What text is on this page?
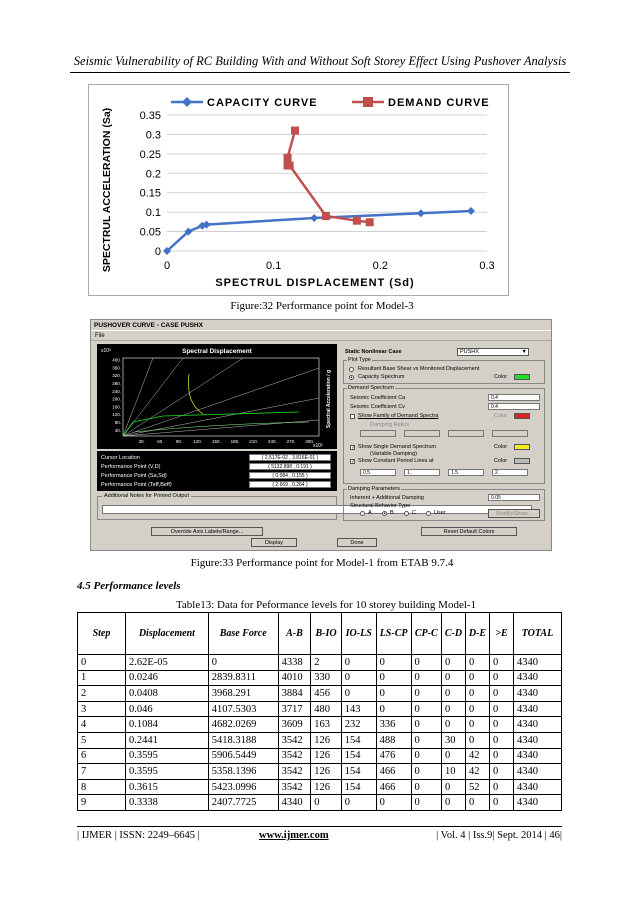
Seismic Vulnerability of RC Building With and Without Soft Storey Effect Using Pushover Analysis
0
0.05
0.1
0.15
0.2
0.25
0.3
0.35
0	0.1	0.2	0.3
CAPACITY CURVE	DEMAND CURVE
SPECTRUL ACCELERATION (Sa)
SPECTRUL DISPLACEMENT (Sd)
Figure:32 Performance point for Model-3
PUSHOVER CURVE - CASE PUSHX
File
Spectral Displacement
x10³
x10³
Spectral Acceleration / g
400.
360.
320.
280.
240.
200.
160.
120.
80.
40.
30.	60.	90. 120. 150. 180. 210. 240. 270. 300.
Cursor Location	( 2.517E-02 , 3.816E-01 )
Performance Point (V,D)	( 5132.898 , 0.191 )
Performance Point (Sa,Sd)	( 0.084 , 0.155 )
Performance Point (Teff,Beff)	( 2.669 , 0.264 )
Additional Notes for Printed Output
Override Axis Labels/Range...
Display	Done
Reset Default Colors
Static Nonlinear Case	PUSHX	▼
Plot Type
Resultant Base Shear vs Monitored Displacement
• Capacity Spectrum	Color
Demand Spectrum
Seismic Coefficient Ca	0.4
Seismic Coefficient Cv	0.4
Show Family of Demand Spectra	Color
Damping Ratios
✓ Show Single Demand Spectrum
(Variable Damping)
Color
✓ Show Constant Period Lines at	Color
0.5	1.	1.5	2.
Damping Parameters
Inherent + Additional Damping	0.05
Structural Behavior Type
A	• B	C	User	Modify/Show...
Figure:33 Performance point for Model-1 from ETAB 9.7.4
4.5 Performance levels
Table13: Data for Peformance levels for 10 storey building Model-1
Step	Displacement	Base Force	A-B	B-IO	IO-LS	LS-CP	CP-C	C-D	D-E	>E	TOTAL
0	2.62E-05	0	4338	2	0	0	0	0	0	0	4340
1	0.0246	2839.8311	4010	330	0	0	0	0	0	0	4340
2	0.0408	3968.291	3884	456	0	0	0	0	0	0	4340
3	0.046	4107.5303	3717	480	143	0	0	0	0	0	4340
4	0.1084	4682.0269	3609	163	232	336	0	0	0	0	4340
5	0.2441	5418.3188	3542	126	154	488	0	30	0	0	4340
6	0.3595	5906.5449	3542	126	154	476	0	0	42	0	4340
7	0.3595	5358.1396	3542	126	154	466	0	10	42	0	4340
8	0.3615	5423.0996	3542	126	154	466	0	0	52	0	4340
9	0.3338	2407.7725	4340	0	0	0	0	0	0	0	4340
| IJMER | ISSN: 2249–6645 |	www.ijmer.com	| Vol. 4 | Iss.9| Sept. 2014 | 46|
